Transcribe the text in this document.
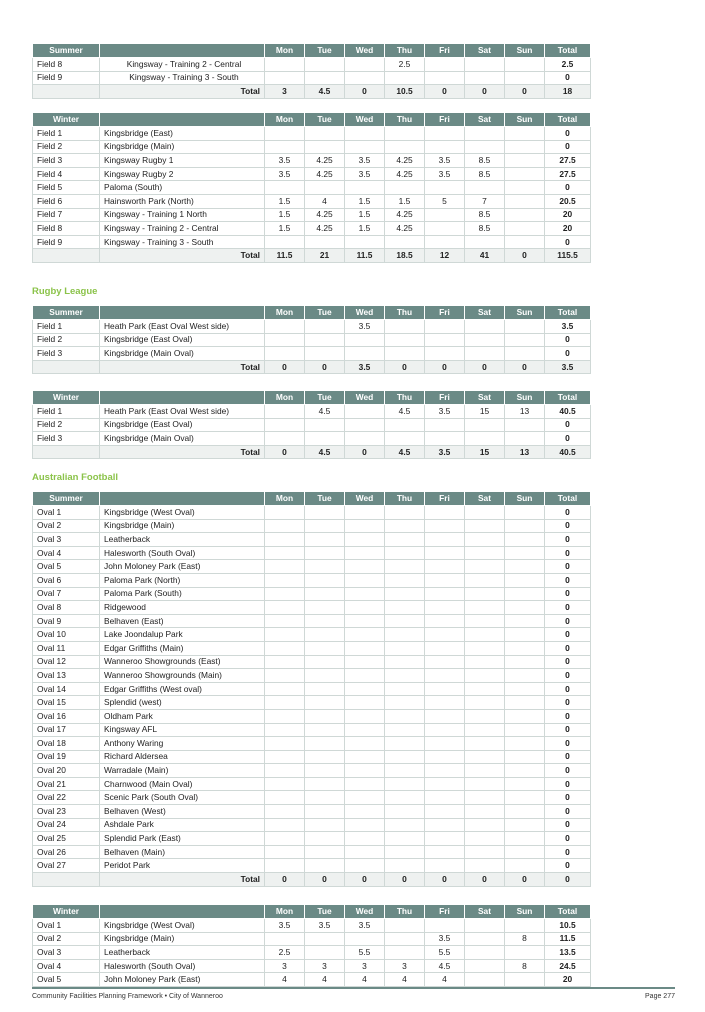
Summer		Mon	Tue	Wed	Thu	Fri	Sat	Sun	Total
Field 8	Kingsway - Training 2 - Central				2.5				2.5
Field 9	Kingsway - Training 3 - South								0
	Total	3	4.5	0	10.5	0	0	0	18
Winter		Mon	Tue	Wed	Thu	Fri	Sat	Sun	Total
Field 1	Kingsbridge (East)								0
Field 2	Kingsbridge (Main)								0
Field 3	Kingsway Rugby 1	3.5	4.25	3.5	4.25	3.5	8.5		27.5
Field 4	Kingsway Rugby 2	3.5	4.25	3.5	4.25	3.5	8.5		27.5
Field 5	Paloma (South)								0
Field 6	Hainsworth Park (North)	1.5	4	1.5	1.5	5	7		20.5
Field 7	Kingsway - Training 1 North	1.5	4.25	1.5	4.25		8.5		20
Field 8	Kingsway - Training 2 - Central	1.5	4.25	1.5	4.25		8.5		20
Field 9	Kingsway - Training 3 - South								0
	Total	11.5	21	11.5	18.5	12	41	0	115.5
Rugby League
Summer		Mon	Tue	Wed	Thu	Fri	Sat	Sun	Total
Field 1	Heath Park (East Oval West side)			3.5					3.5
Field 2	Kingsbridge (East Oval)								0
Field 3	Kingsbridge (Main Oval)								0
	Total	0	0	3.5	0	0	0	0	3.5
Winter		Mon	Tue	Wed	Thu	Fri	Sat	Sun	Total
Field 1	Heath Park (East Oval West side)		4.5		4.5	3.5	15	13	40.5
Field 2	Kingsbridge (East Oval)								0
Field 3	Kingsbridge (Main Oval)								0
	Total	0	4.5	0	4.5	3.5	15	13	40.5
Australian Football
Summer		Mon	Tue	Wed	Thu	Fri	Sat	Sun	Total
Oval 1	Kingsbridge (West Oval)								0
Oval 2	Kingsbridge (Main)								0
Oval 3	Leatherback								0
Oval 4	Halesworth (South Oval)								0
Oval 5	John Moloney Park (East)								0
Oval 6	Paloma Park (North)								0
Oval 7	Paloma Park (South)								0
Oval 8	Ridgewood								0
Oval 9	Belhaven (East)								0
Oval 10	Lake Joondalup Park								0
Oval 11	Edgar Griffiths (Main)								0
Oval 12	Wanneroo Showgrounds (East)								0
Oval 13	Wanneroo Showgrounds (Main)								0
Oval 14	Edgar Griffiths (West oval)								0
Oval 15	Splendid (west)								0
Oval 16	Oldham Park								0
Oval 17	Kingsway AFL								0
Oval 18	Anthony Waring								0
Oval 19	Richard Aldersea								0
Oval 20	Warradale (Main)								0
Oval 21	Charnwood (Main Oval)								0
Oval 22	Scenic Park (South Oval)								0
Oval 23	Belhaven (West)								0
Oval 24	Ashdale Park								0
Oval 25	Splendid Park (East)								0
Oval 26	Belhaven (Main)								0
Oval 27	Peridot Park								0
	Total	0	0	0	0	0	0	0	0
Winter		Mon	Tue	Wed	Thu	Fri	Sat	Sun	Total
Oval 1	Kingsbridge (West Oval)	3.5	3.5	3.5					10.5
Oval 2	Kingsbridge (Main)					3.5		8	11.5
Oval 3	Leatherback	2.5		5.5		5.5			13.5
Oval 4	Halesworth (South Oval)	3	3	3	3	4.5		8	24.5
Oval 5	John Moloney Park (East)	4	4	4	4	4			20
Community Facilities Planning Framework • City of Wanneroo	Page 277
